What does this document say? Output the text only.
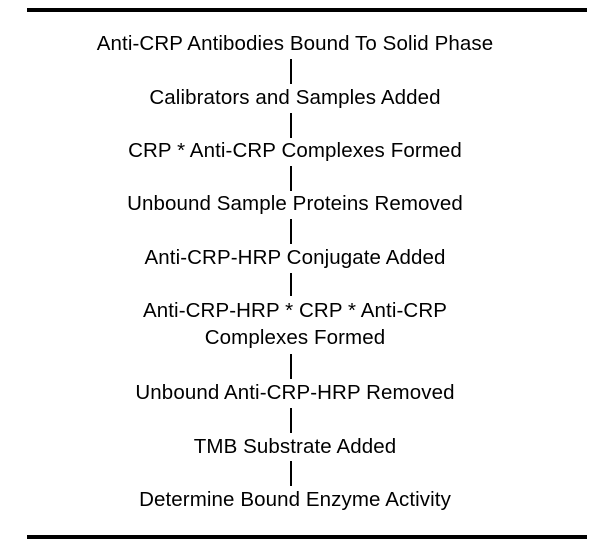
Anti-CRP Antibodies Bound To Solid Phase
Calibrators and Samples Added
CRP * Anti-CRP Complexes Formed
Unbound Sample Proteins Removed
Anti-CRP-HRP Conjugate Added
Anti-CRP-HRP * CRP * Anti-CRP
Complexes Formed
Unbound Anti-CRP-HRP Removed
TMB Substrate Added
Determine Bound Enzyme Activity
